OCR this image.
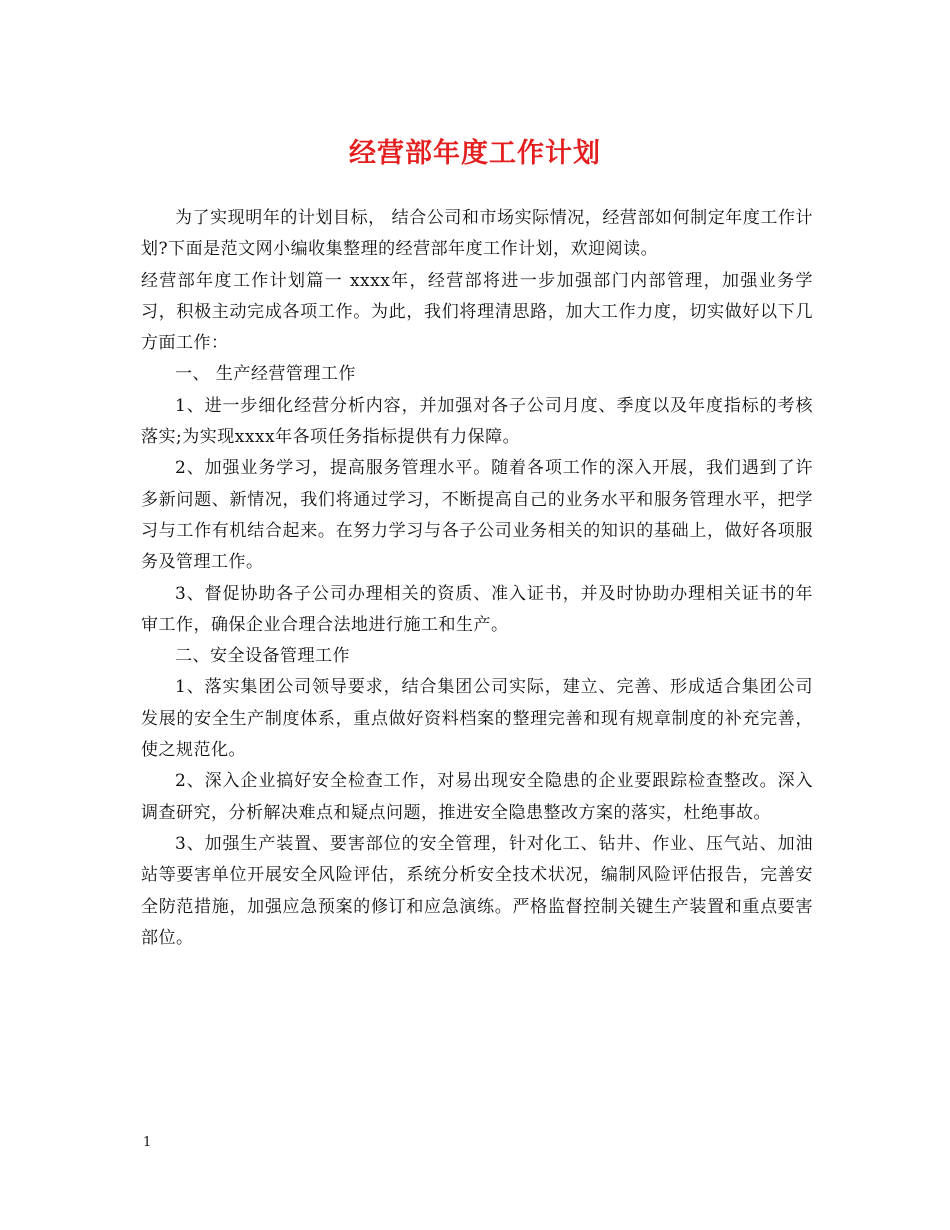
经营部年度工作计划

为了实现明年的计划目标， 结合公司和市场实际情况，经营部如何制定年度工作计划?下面是范文网小编收集整理的经营部年度工作计划，欢迎阅读。

经营部年度工作计划篇一 xxxx年，经营部将进一步加强部门内部管理，加强业务学习，积极主动完成各项工作。为此，我们将理清思路，加大工作力度，切实做好以下几方面工作：

一、 生产经营管理工作

1、进一步细化经营分析内容，并加强对各子公司月度、季度以及年度指标的考核落实;为实现xxxx年各项任务指标提供有力保障。

2、加强业务学习，提高服务管理水平。随着各项工作的深入开展，我们遇到了许多新问题、新情况，我们将通过学习，不断提高自己的业务水平和服务管理水平，把学习与工作有机结合起来。在努力学习与各子公司业务相关的知识的基础上，做好各项服务及管理工作。

3、督促协助各子公司办理相关的资质、准入证书，并及时协助办理相关证书的年审工作，确保企业合理合法地进行施工和生产。

二、安全设备管理工作

1、落实集团公司领导要求，结合集团公司实际，建立、完善、形成适合集团公司发展的安全生产制度体系，重点做好资料档案的整理完善和现有规章制度的补充完善，使之规范化。

2、深入企业搞好安全检查工作，对易出现安全隐患的企业要跟踪检查整改。深入调查研究，分析解决难点和疑点问题，推进安全隐患整改方案的落实，杜绝事故。

3、加强生产装置、要害部位的安全管理，针对化工、钻井、作业、压气站、加油站等要害单位开展安全风险评估，系统分析安全技术状况，编制风险评估报告，完善安全防范措施，加强应急预案的修订和应急演练。严格监督控制关键生产装置和重点要害部位。

1
